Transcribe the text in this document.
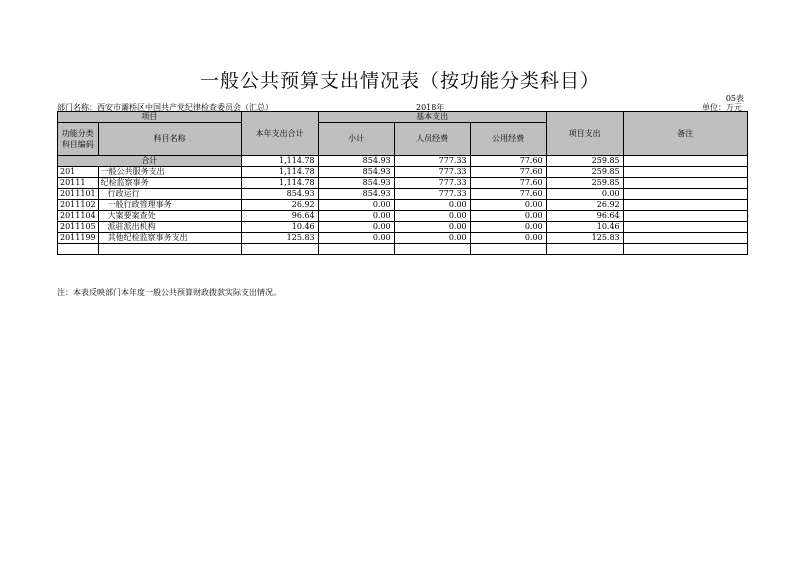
一般公共预算支出情况表（按功能分类科目）
05表
部门名称：西安市灞桥区中国共产党纪律检查委员会（汇总）	2018年	单位：万元
项目		本年支出合计	基本支出			项目支出	备注
功能分类科目编码	科目名称		小计	人员经费	公用经费		

合计		1,114.78	854.93	777.33	77.60	259.85	
201	一般公共服务支出	1,114.78	854.93	777.33	77.60	259.85	
20111	纪检监察事务	1,114.78	854.93	777.33	77.60	259.85	
2011101	行政运行	854.93	854.93	777.33	77.60	0.00	
2011102	一般行政管理事务	26.92	0.00	0.00	0.00	26.92	
2011104	大案要案查处	96.64	0.00	0.00	0.00	96.64	
2011105	派驻派出机构	10.46	0.00	0.00	0.00	10.46	
2011199	其他纪检监察事务支出	125.83	0.00	0.00	0.00	125.83	

注：本表反映部门本年度一般公共预算财政拨款实际支出情况。
